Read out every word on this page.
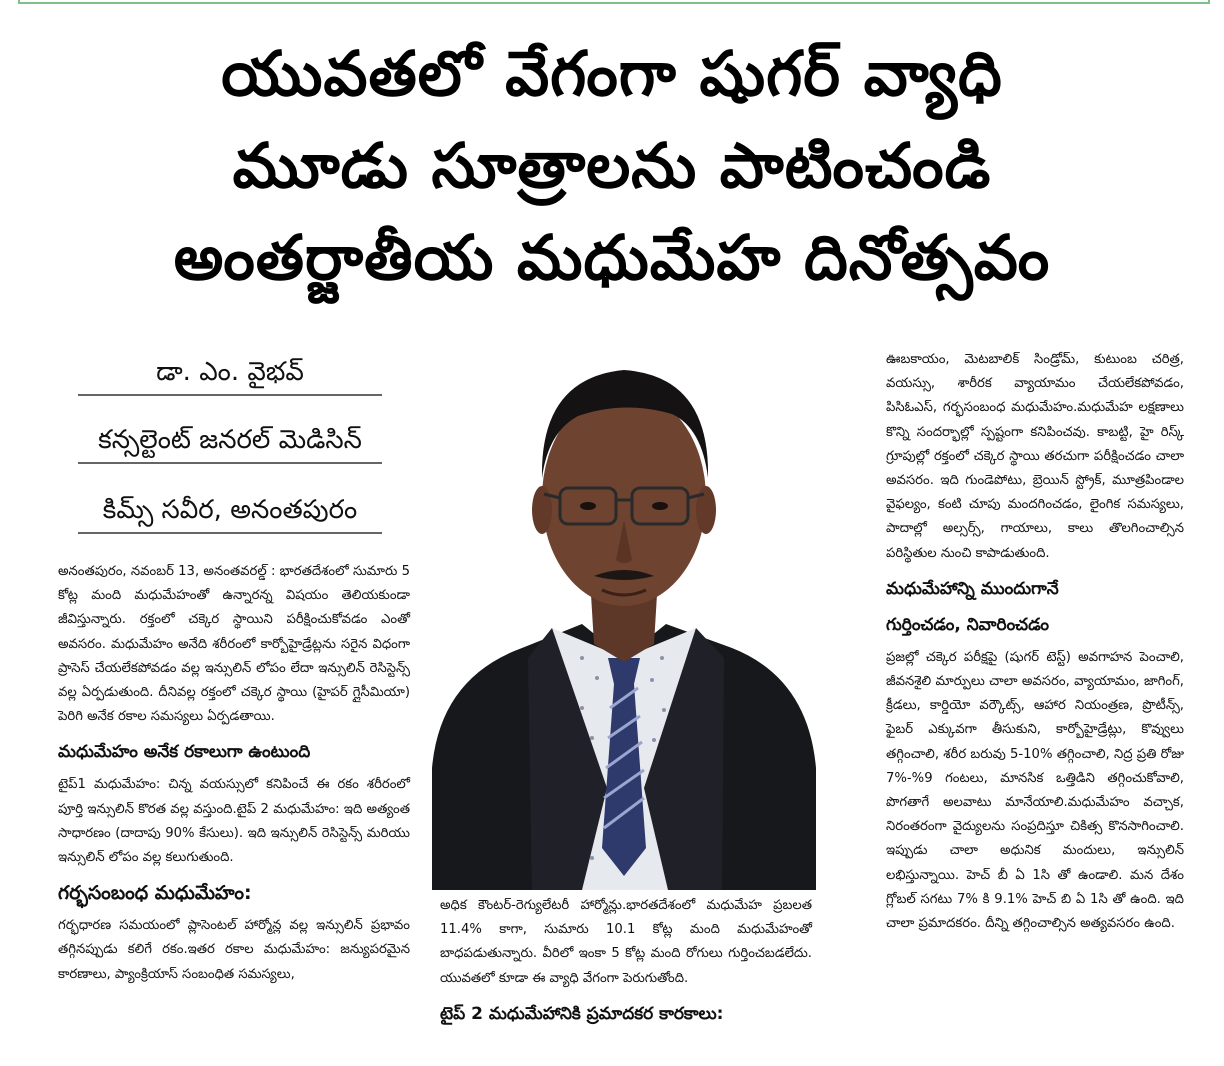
యువతలో వేగంగా షుగర్ వ్యాధి
మూడు సూత్రాలను పాటించండి
అంతర్జాతీయ మధుమేహ దినోత్సవం
డా. ఎం. వైభవ్
కన్సల్టెంట్ జనరల్ మెడిసిన్
కిమ్స్ సవీర, అనంతపురం

అనంతపురం, నవంబర్ 13, అనంతవరల్డ్ : భారతదేశంలో సుమారు 5 కోట్ల మంది మధుమేహంతో ఉన్నారన్న విషయం తెలియకుండా జీవిస్తున్నారు. రక్తంలో చక్కెర స్థాయిని పరీక్షించుకోవడం ఎంతో అవసరం. మధుమేహం అనేది శరీరంలో కార్బోహైడ్రేట్లను సరైన విధంగా ప్రాసెస్ చేయలేకపోవడం వల్ల ఇన్సులిన్ లోపం లేదా ఇన్సులిన్ రెసిస్టెన్స్ వల్ల ఏర్పడుతుంది. దీనివల్ల రక్తంలో చక్కెర స్థాయి (హైపర్ గ్లైసీమియా) పెరిగి అనేక రకాల సమస్యలు ఏర్పడతాయి.

మధుమేహం అనేక రకాలుగా ఉంటుంది

టైప్1 మధుమేహం: చిన్న వయస్సులో కనిపించే ఈ రకం శరీరంలో పూర్తి ఇన్సులిన్ కొరత వల్ల వస్తుంది.టైప్ 2 మధుమేహం: ఇది అత్యంత సాధారణం (దాదాపు 90% కేసులు). ఇది ఇన్సులిన్ రెసిస్టెన్స్ మరియు ఇన్సులిన్ లోపం వల్ల కలుగుతుంది.

గర్భసంబంధ మధుమేహం:

గర్భధారణ సమయంలో ప్లాసెంటల్ హార్మోన్ల వల్ల ఇన్సులిన్ ప్రభావం తగ్గినప్పుడు కలిగే రకం.ఇతర రకాల మధుమేహం: జన్యుపరమైన కారణాలు, ప్యాంక్రియాస్ సంబంధిత సమస్యలు,

అధిక కౌంటర్-రెగ్యులేటరీ హార్మోన్లు.భారతదేశంలో మధుమేహ ప్రబలత 11.4% కాగా, సుమారు 10.1 కోట్ల మంది మధుమేహంతో బాధపడుతున్నారు. వీరిలో ఇంకా 5 కోట్ల మంది రోగులు గుర్తించబడలేదు. యువతలో కూడా ఈ వ్యాధి వేగంగా పెరుగుతోంది.

టైప్ 2 మధుమేహానికి ప్రమాదకర కారకాలు:

ఊబకాయం, మెటబాలిక్ సిండ్రోమ్, కుటుంబ చరిత్ర, వయస్సు, శారీరక వ్యాయామం చేయలేకపోవడం, పిసిఓఎస్, గర్భసంబంధ మధుమేహం.మధుమేహ లక్షణాలు కొన్ని సందర్భాల్లో స్పష్టంగా కనిపించవు. కాబట్టి, హై రిస్క్ గ్రూపుల్లో రక్తంలో చక్కెర స్థాయి తరచుగా పరీక్షించడం చాలా అవసరం. ఇది గుండెపోటు, బ్రెయిన్ స్ట్రోక్, మూత్రపిండాల వైఫల్యం, కంటి చూపు మందగించడం, లైంగిక సమస్యలు, పాదాల్లో అల్సర్స్, గాయాలు, కాలు తొలగించాల్సిన పరిస్థితుల నుంచి కాపాడుతుంది.

మధుమేహాన్ని ముందుగానే
గుర్తించడం, నివారించడం

ప్రజల్లో చక్కెర పరీక్షపై (షుగర్ టెస్ట్) అవగాహన పెంచాలి, జీవనశైలి మార్పులు చాలా అవసరం, వ్యాయామం, జాగింగ్, క్రీడలు, కార్డియో వర్కౌట్స్, ఆహార నియంత్రణ, ప్రొటీన్స్, ఫైబర్ ఎక్కువగా తీసుకుని, కార్బోహైడ్రేట్లు, కొవ్వులు తగ్గించాలి, శరీర బరువు 5-10% తగ్గించాలి, నిద్ర ప్రతి రోజు 7%-%9 గంటలు, మానసిక ఒత్తిడిని తగ్గించుకోవాలి, పొగతాగే అలవాటు మానేయాలి.మధుమేహం వచ్చాక, నిరంతరంగా వైద్యులను సంప్రదిస్తూ చికిత్స కొనసాగించాలి. ఇప్పుడు చాలా అధునిక మందులు, ఇన్సులిన్ లభిస్తున్నాయి. హెచ్ బీ ఏ 1సి తో ఉండాలి. మన దేశం గ్లోబల్ సగటు 7% కి 9.1% హెచ్ బి ఏ 1సి తో ఉంది. ఇది చాలా ప్రమాదకరం. దీన్ని తగ్గించాల్సిన అత్యవసరం ఉంది.
